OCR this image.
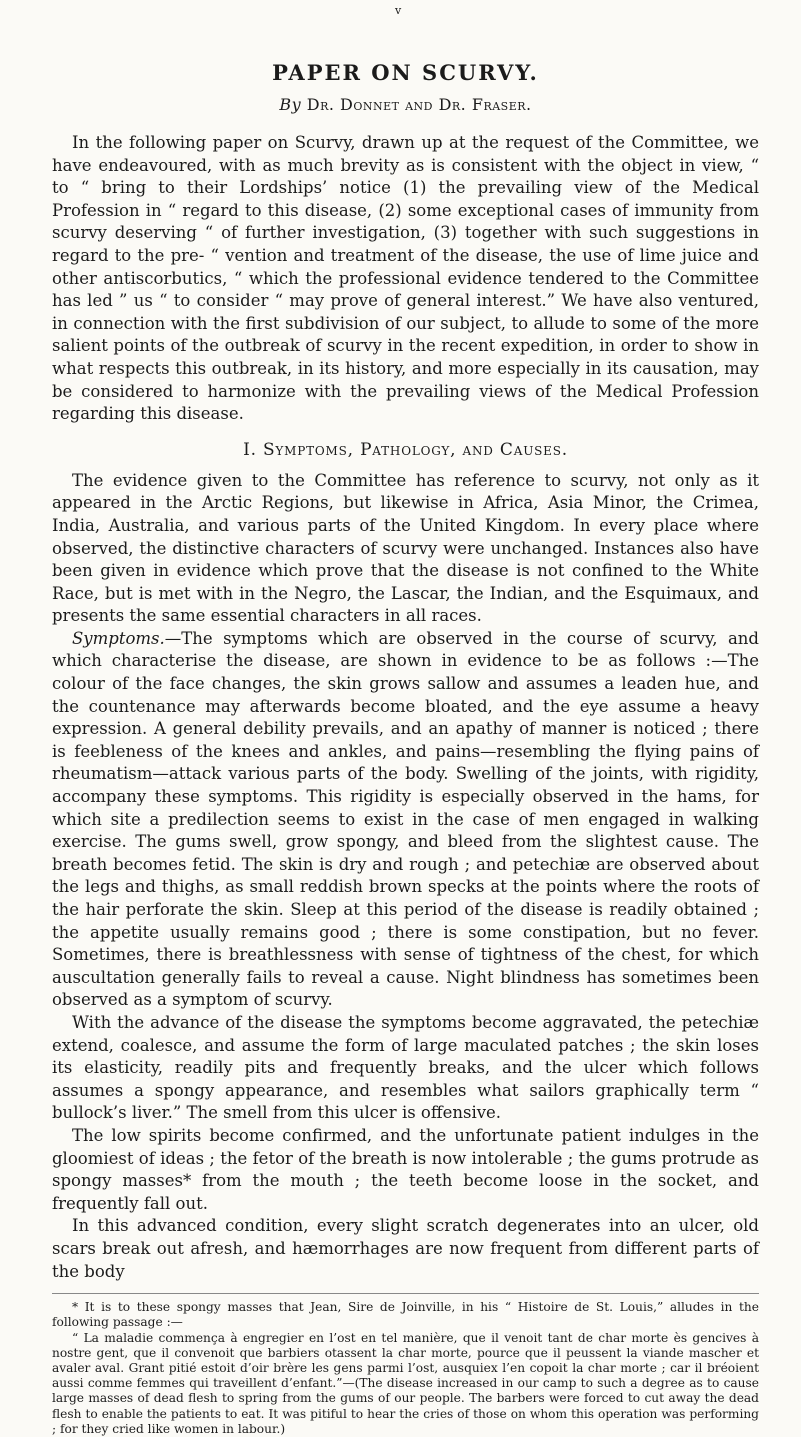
v
PAPER ON SCURVY.
By Dr. Donnet and Dr. Fraser.

In the following paper on Scurvy, drawn up at the request of the Committee, we have endeavoured, with as much brevity as is consistent with the object in view, “ to “ bring to their Lordships’ notice (1) the prevailing view of the Medical Profession in “ regard to this disease, (2) some exceptional cases of immunity from scurvy deserving “ of further investigation, (3) together with such suggestions in regard to the pre- “ vention and treatment of the disease, the use of lime juice and other antiscorbutics, “ which the professional evidence tendered to the Committee has led ” us “ to consider “ may prove of general interest.” We have also ventured, in connection with the first subdivision of our subject, to allude to some of the more salient points of the outbreak of scurvy in the recent expedition, in order to show in what respects this outbreak, in its history, and more especially in its causation, may be considered to harmonize with the prevailing views of the Medical Profession regarding this disease.

I. Symptoms, Pathology, and Causes.

The evidence given to the Committee has reference to scurvy, not only as it appeared in the Arctic Regions, but likewise in Africa, Asia Minor, the Crimea, India, Australia, and various parts of the United Kingdom. In every place where observed, the distinctive characters of scurvy were unchanged. Instances also have been given in evidence which prove that the disease is not confined to the White Race, but is met with in the Negro, the Lascar, the Indian, and the Esquimaux, and presents the same essential characters in all races.

Symptoms.—The symptoms which are observed in the course of scurvy, and which characterise the disease, are shown in evidence to be as follows :—The colour of the face changes, the skin grows sallow and assumes a leaden hue, and the countenance may afterwards become bloated, and the eye assume a heavy expression. A general debility prevails, and an apathy of manner is noticed ; there is feebleness of the knees and ankles, and pains—resembling the flying pains of rheumatism—attack various parts of the body. Swelling of the joints, with rigidity, accompany these symptoms. This rigidity is especially observed in the hams, for which site a predilection seems to exist in the case of men engaged in walking exercise. The gums swell, grow spongy, and bleed from the slightest cause. The breath becomes fetid. The skin is dry and rough ; and petechiæ are observed about the legs and thighs, as small reddish brown specks at the points where the roots of the hair perforate the skin. Sleep at this period of the disease is readily obtained ; the appetite usually remains good ; there is some constipation, but no fever. Sometimes, there is breathlessness with sense of tightness of the chest, for which auscultation generally fails to reveal a cause. Night blindness has sometimes been observed as a symptom of scurvy.

With the advance of the disease the symptoms become aggravated, the petechiæ extend, coalesce, and assume the form of large maculated patches ; the skin loses its elasticity, readily pits and frequently breaks, and the ulcer which follows assumes a spongy appearance, and resembles what sailors graphically term “ bullock’s liver.” The smell from this ulcer is offensive.

The low spirits become confirmed, and the unfortunate patient indulges in the gloomiest of ideas ; the fetor of the breath is now intolerable ; the gums protrude as spongy masses* from the mouth ; the teeth become loose in the socket, and frequently fall out.

In this advanced condition, every slight scratch degenerates into an ulcer, old scars break out afresh, and hæmorrhages are now frequent from different parts of the body

* It is to these spongy masses that Jean, Sire de Joinville, in his “ Histoire de St. Louis,” alludes in the following passage :—

“ La maladie commença à engregier en l’ost en tel manière, que il venoit tant de char morte ès gencives à nostre gent, que il convenoit que barbiers otassent la char morte, pource que il peussent la viande mascher et avaler aval. Grant pitié estoit d’oir brère les gens parmi l’ost, ausquiex l’en copoit la char morte ; car il bréoient aussi comme femmes qui traveillent d’enfant.”—(The disease increased in our camp to such a degree as to cause large masses of dead flesh to spring from the gums of our people. The barbers were forced to cut away the dead flesh to enable the patients to eat. It was pitiful to hear the cries of those on whom this operation was performing ; for they cried like women in labour.)
